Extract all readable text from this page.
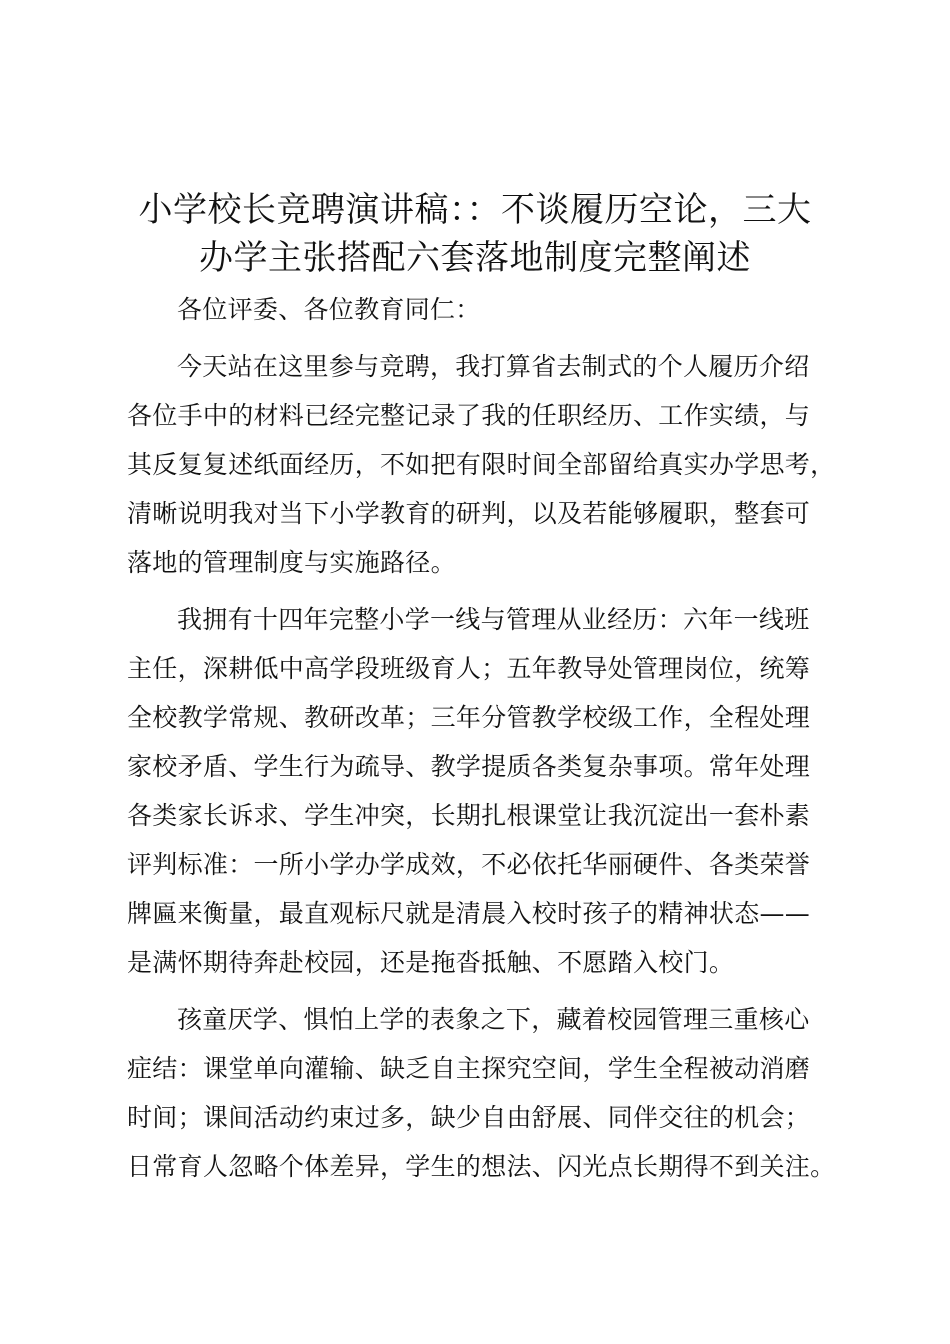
小学校长竞聘演讲稿：：不谈履历空论，三大
办学主张搭配六套落地制度完整阐述
各位评委、各位教育同仁：
今天站在这里参与竞聘，我打算省去制式的个人履历介绍
各位手中的材料已经完整记录了我的任职经历、工作实绩，与
其反复复述纸面经历，不如把有限时间全部留给真实办学思考，
清晰说明我对当下小学教育的研判，以及若能够履职，整套可
落地的管理制度与实施路径。
我拥有十四年完整小学一线与管理从业经历：六年一线班
主任，深耕低中高学段班级育人；五年教导处管理岗位，统筹
全校教学常规、教研改革；三年分管教学校级工作，全程处理
家校矛盾、学生行为疏导、教学提质各类复杂事项。常年处理
各类家长诉求、学生冲突，长期扎根课堂让我沉淀出一套朴素
评判标准：一所小学办学成效，不必依托华丽硬件、各类荣誉
牌匾来衡量，最直观标尺就是清晨入校时孩子的精神状态——
是满怀期待奔赴校园，还是拖沓抵触、不愿踏入校门。
孩童厌学、惧怕上学的表象之下，藏着校园管理三重核心
症结：课堂单向灌输、缺乏自主探究空间，学生全程被动消磨
时间；课间活动约束过多，缺少自由舒展、同伴交往的机会；
日常育人忽略个体差异，学生的想法、闪光点长期得不到关注。
